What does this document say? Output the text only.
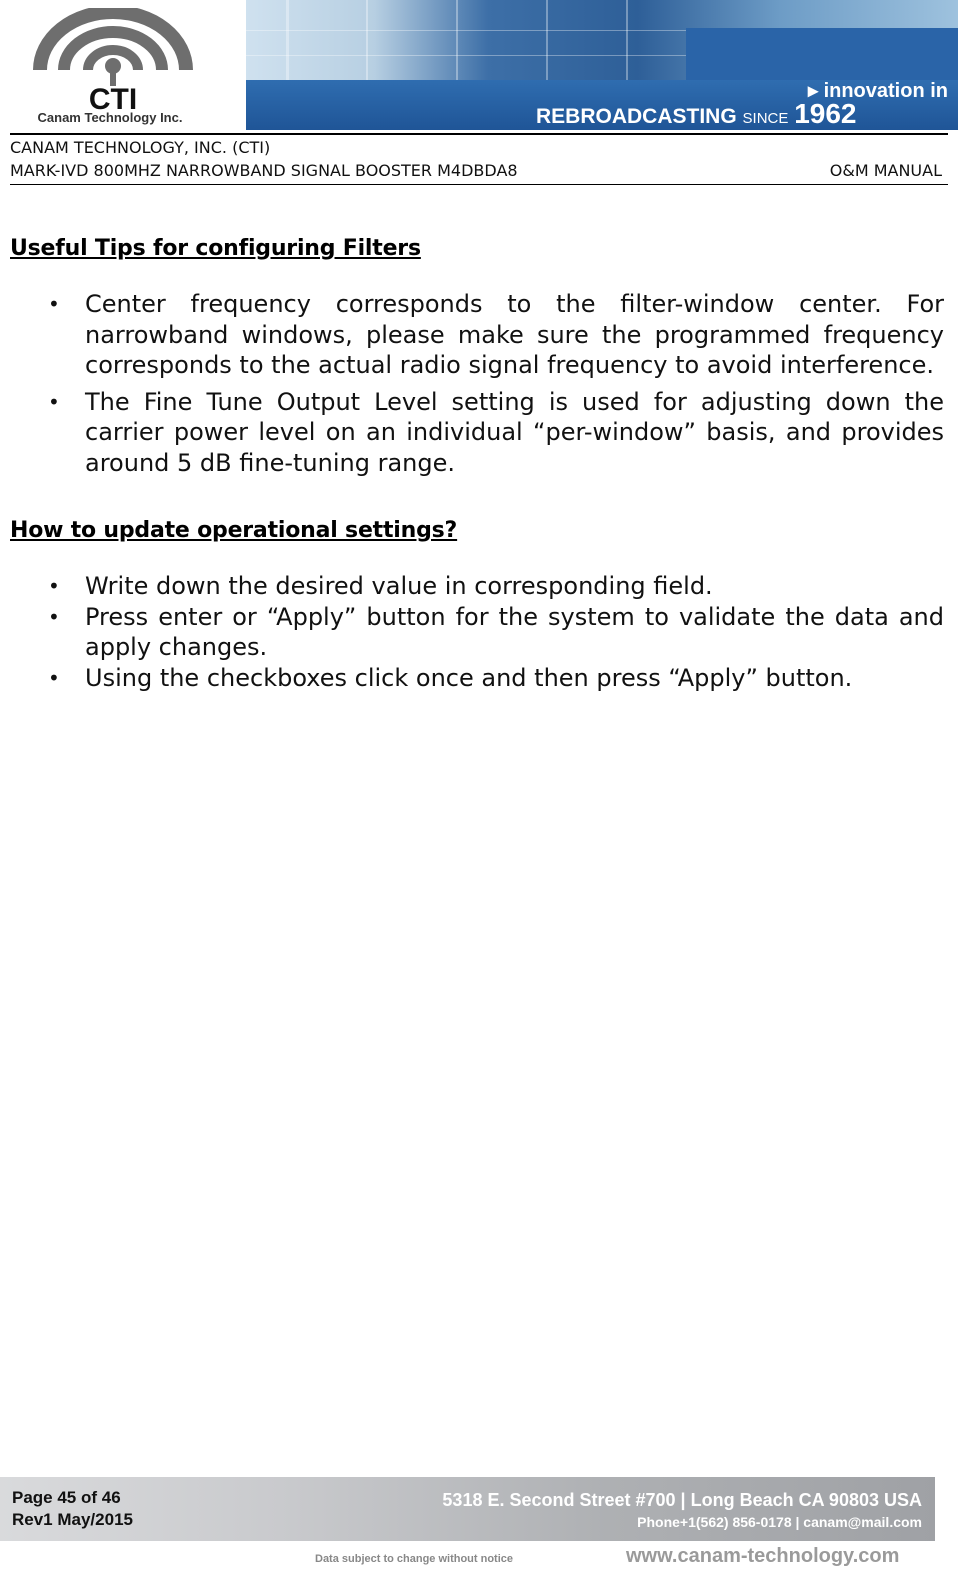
CTI
Canam Technology Inc.
▸ innovation in
REBROADCASTING SINCE 1962
CANAM TECHNOLOGY, INC. (CTI)
MARK-IVD 800MHZ NARROWBAND SIGNAL BOOSTER M4DBDA8	O&M MANUAL
Useful Tips for configuring Filters
• Center frequency corresponds to the filter-window center. For narrowband windows, please make sure the programmed frequency corresponds to the actual radio signal frequency to avoid interference.
• The Fine Tune Output Level setting is used for adjusting down the carrier power level on an individual “per-window” basis, and provides around 5 dB fine-tuning range.
How to update operational settings?
• Write down the desired value in corresponding field.
• Press enter or “Apply” button for the system to validate the data and apply changes.
• Using the checkboxes click once and then press “Apply” button.
Page 45 of 46
Rev1 May/2015
5318 E. Second Street #700 | Long Beach CA 90803 USA
Phone+1(562) 856-0178 | canam@mail.com
Data subject to change without notice	www.canam-technology.com
